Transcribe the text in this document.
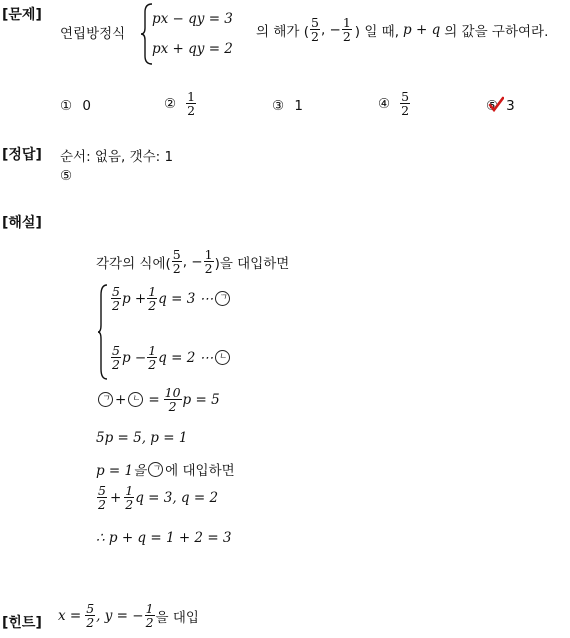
[문제]
[정답]
[해설]
[힌트]
연립방정식
px − qy = 3
px + qy = 2
의 해가 ( $\frac{5}{2}$ , − $\frac{1}{2}$ ) 일 때, p + q 의 값을 구하여라.
① 0	② $\frac{1}{2}$	③ 1	④ $\frac{5}{2}$	⑤ 3
순서: 없음, 갯수: 1
⑤
각각의 식에( $\frac{5}{2}$ , − $\frac{1}{2}$ )을 대입하면
$\frac{5}{2}$ $p + \frac{1}{2}$ q = 3 ⋯ ㄱ
$\frac{5}{2}$ $p - \frac{1}{2}$ q = 2 ⋯ ㄴ
ㄱ + ㄴ = $\frac{10}{2}$ p = 5
5p = 5, p = 1
p = 1을 ㄱ 에 대입하면
$\frac{5}{2} + \frac{1}{2}$ q = 3, q = 2
∴ p + q = 1 + 2 = 3
$x = \frac{5}{2}$ , y = − $\frac{1}{2}$ 을 대입
